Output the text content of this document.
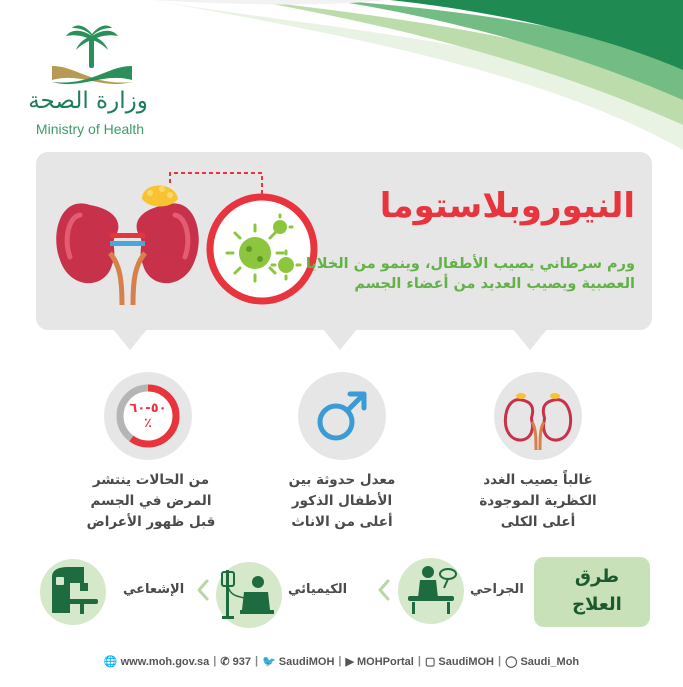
وزارة الصحة
Ministry of Health
النيوروبلاستوما
ورم سرطاني يصيب الأطفال، وينمو من الخلايا
العصبية ويصيب العديد من أعضاء الجسم
غالباً يصيب الغدد
الكظرية الموجودة
أعلى الكلى
معدل حدوثة بين
الأطفال الذكور
أعلى من الاناث
٥٠-٦٠
٪
من الحالات ينتشر
المرض في الجسم
قبل ظهور الأعراض
طرق
العلاج
الجراحي
الكيميائي
الإشعاعي
🌐 www.moh.gov.sa | ✆ 937 | 🐦 SaudiMOH | ▶ MOHPortal | ▢ SaudiMOH | ◯ Saudi_Moh
